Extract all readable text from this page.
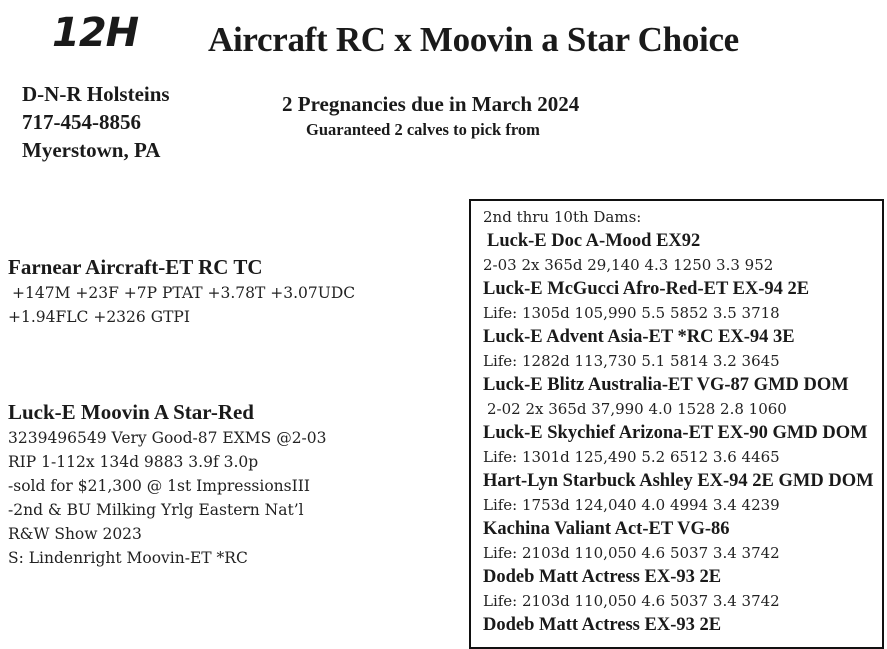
12H Aircraft RC x Moovin a Star Choice
D-N-R Holsteins
717-454-8856
Myerstown, PA
2 Pregnancies due in March 2024
Guaranteed 2 calves to pick from
Farnear Aircraft-ET RC TC
+147M +23F +7P PTAT +3.78T +3.07UDC
+1.94FLC +2326 GTPI
Luck-E Moovin A Star-Red
3239496549 Very Good-87 EXMS @2-03
RIP 1-112x 134d 9883 3.9f 3.0p
-sold for $21,300 @ 1st ImpressionsIII
-2nd & BU Milking Yrlg Eastern Nat’l
R&W Show 2023
S: Lindenright Moovin-ET *RC
2nd thru 10th Dams:
Luck-E Doc A-Mood EX92
2-03 2x 365d 29,140 4.3 1250 3.3 952
Luck-E McGucci Afro-Red-ET EX-94 2E
Life: 1305d 105,990 5.5 5852 3.5 3718
Luck-E Advent Asia-ET *RC EX-94 3E
Life: 1282d 113,730 5.1 5814 3.2 3645
Luck-E Blitz Australia-ET VG-87 GMD DOM
2-02 2x 365d 37,990 4.0 1528 2.8 1060
Luck-E Skychief Arizona-ET EX-90 GMD DOM
Life: 1301d 125,490 5.2 6512 3.6 4465
Hart-Lyn Starbuck Ashley EX-94 2E GMD DOM
Life: 1753d 124,040 4.0 4994 3.4 4239
Kachina Valiant Act-ET VG-86
Life: 2103d 110,050 4.6 5037 3.4 3742
Dodeb Matt Actress EX-93 2E
Life: 2103d 110,050 4.6 5037 3.4 3742
Dodeb Matt Actress EX-93 2E
